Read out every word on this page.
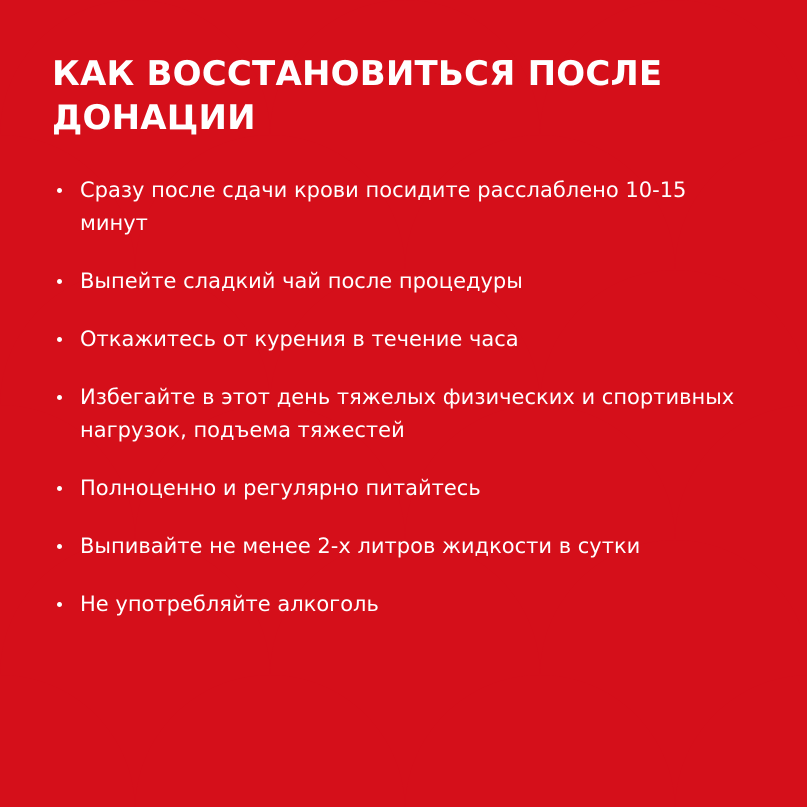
КАК ВОССТАНОВИТЬСЯ ПОСЛЕ ДОНАЦИИ
Сразу после сдачи крови посидите расслаблено 10-15 минут
Выпейте сладкий чай после процедуры
Откажитесь от курения в течение часа
Избегайте в этот день тяжелых физических и спортивных нагрузок, подъема тяжестей
Полноценно и регулярно питайтесь
Выпивайте не менее 2-х литров жидкости в сутки
Не употребляйте алкоголь
